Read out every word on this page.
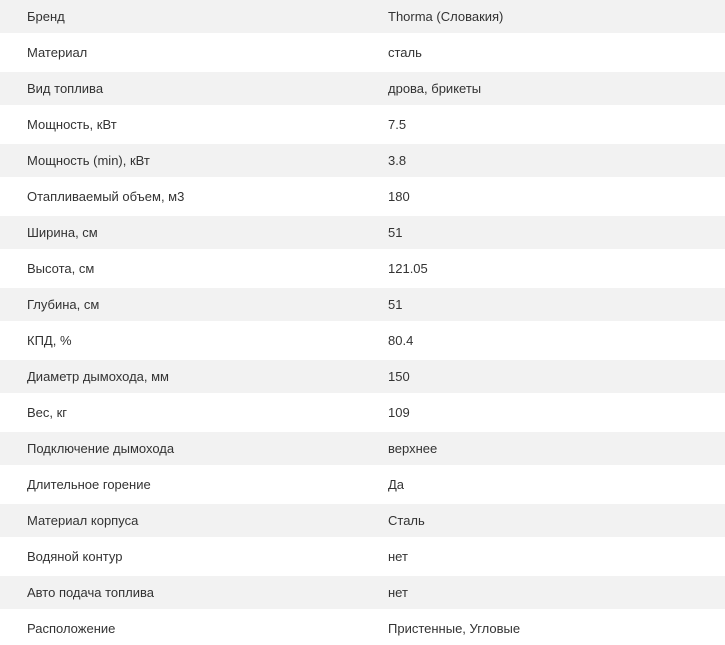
Бренд	Thorma (Словакия)
Материал	сталь
Вид топлива	дрова, брикеты
Мощность, кВт	7.5
Мощность (min), кВт	3.8
Отапливаемый объем, м3	180
Ширина, см	51
Высота, см	121.05
Глубина, см	51
КПД, %	80.4
Диаметр дымохода, мм	150
Вес, кг	109
Подключение дымохода	верхнее
Длительное горение	Да
Материал корпуса	Сталь
Водяной контур	нет
Авто подача топлива	нет
Расположение	Пристенные, Угловые
